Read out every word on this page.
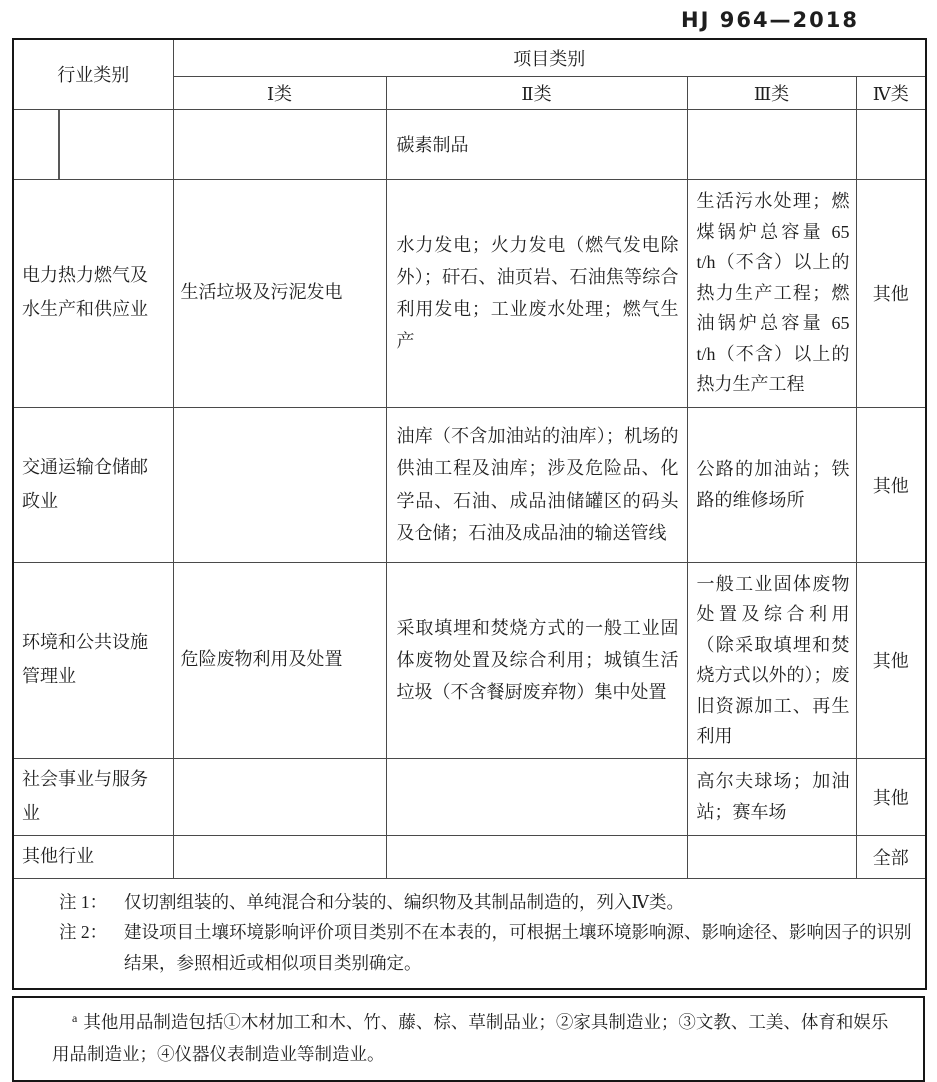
HJ 964—2018
行业类别	项目类别			
	Ⅰ类	Ⅱ类	Ⅲ类	Ⅳ类
		碳素制品		
电力热力燃气及水生产和供应业	生活垃圾及污泥发电	水力发电；火力发电（燃气发电除外）；矸石、油页岩、石油焦等综合利用发电；工业废水处理；燃气生产	生活污水处理；燃煤锅炉总容量 65 t/h（不含）以上的热力生产工程；燃油锅炉总容量 65 t/h（不含）以上的热力生产工程	其他
交通运输仓储邮政业		油库（不含加油站的油库）；机场的供油工程及油库；涉及危险品、化学品、石油、成品油储罐区的码头及仓储；石油及成品油的输送管线	公路的加油站；铁路的维修场所	其他
环境和公共设施管理业	危险废物利用及处置	采取填埋和焚烧方式的一般工业固体废物处置及综合利用；城镇生活垃圾（不含餐厨废弃物）集中处置	一般工业固体废物处置及综合利用（除采取填埋和焚烧方式以外的）；废旧资源加工、再生利用	其他
社会事业与服务业			高尔夫球场；加油站；赛车场	其他
其他行业				全部

注 1： 仅切割组装的、单纯混合和分装的、编织物及其制品制造的，列入Ⅳ类。
注 2： 建设项目土壤环境影响评价项目类别不在本表的，可根据土壤环境影响源、影响途径、影响因子的识别结果，参照相近或相似项目类别确定。				

$^a$ 其他用品制造包括①木材加工和木、竹、藤、棕、草制品业；②家具制造业；③文教、工美、体育和娱乐用品制造业；④仪器仪表制造业等制造业。
